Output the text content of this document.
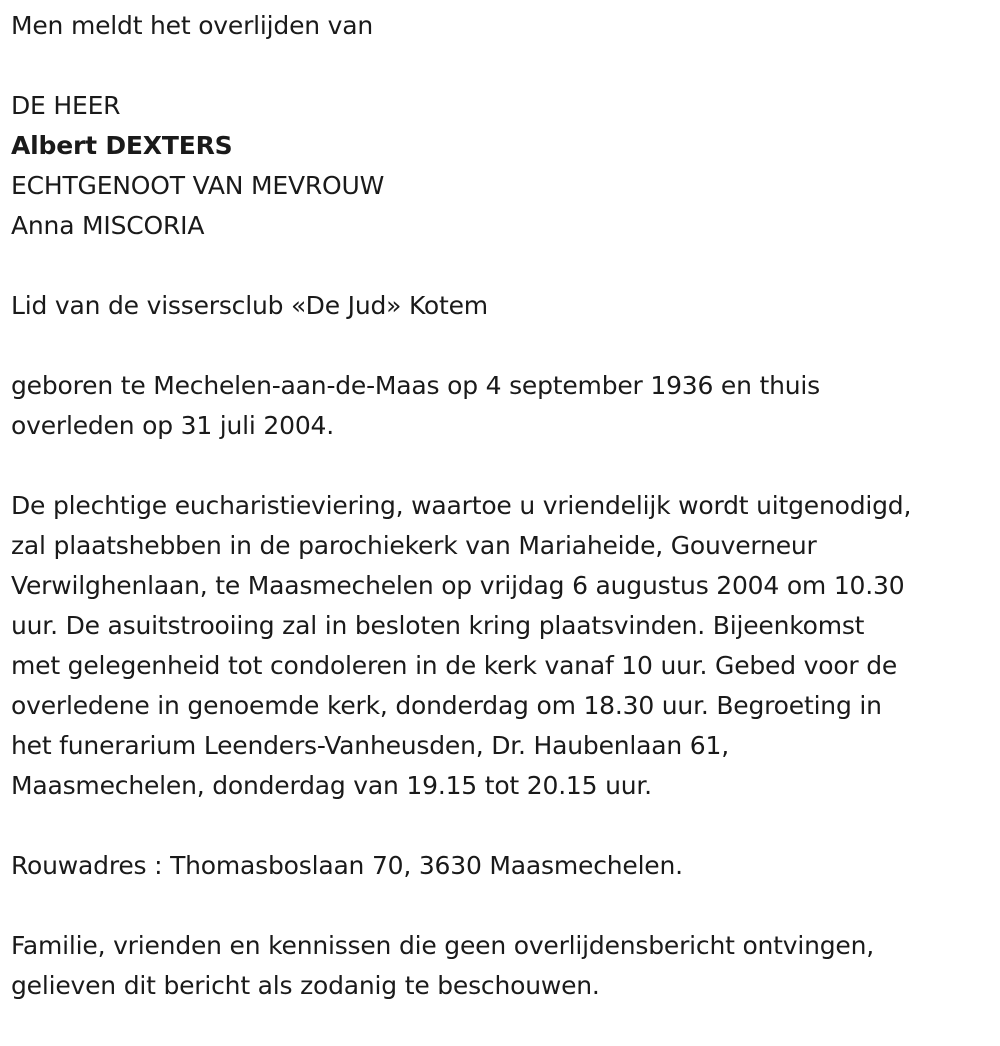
Men meldt het overlijden van
DE HEER
Albert DEXTERS
ECHTGENOOT VAN MEVROUW
Anna MISCORIA
Lid van de vissersclub «De Jud» Kotem
geboren te Mechelen-aan-de-Maas op 4 september 1936 en thuis
overleden op 31 juli 2004.
De plechtige eucharistieviering, waartoe u vriendelijk wordt uitgenodigd,
zal plaatshebben in de parochiekerk van Mariaheide, Gouverneur
Verwilghenlaan, te Maasmechelen op vrijdag 6 augustus 2004 om 10.30
uur. De asuitstrooiing zal in besloten kring plaatsvinden. Bijeenkomst
met gelegenheid tot condoleren in de kerk vanaf 10 uur. Gebed voor de
overledene in genoemde kerk, donderdag om 18.30 uur. Begroeting in
het funerarium Leenders-Vanheusden, Dr. Haubenlaan 61,
Maasmechelen, donderdag van 19.15 tot 20.15 uur.
Rouwadres : Thomasboslaan 70, 3630 Maasmechelen.
Familie, vrienden en kennissen die geen overlijdensbericht ontvingen,
gelieven dit bericht als zodanig te beschouwen.
